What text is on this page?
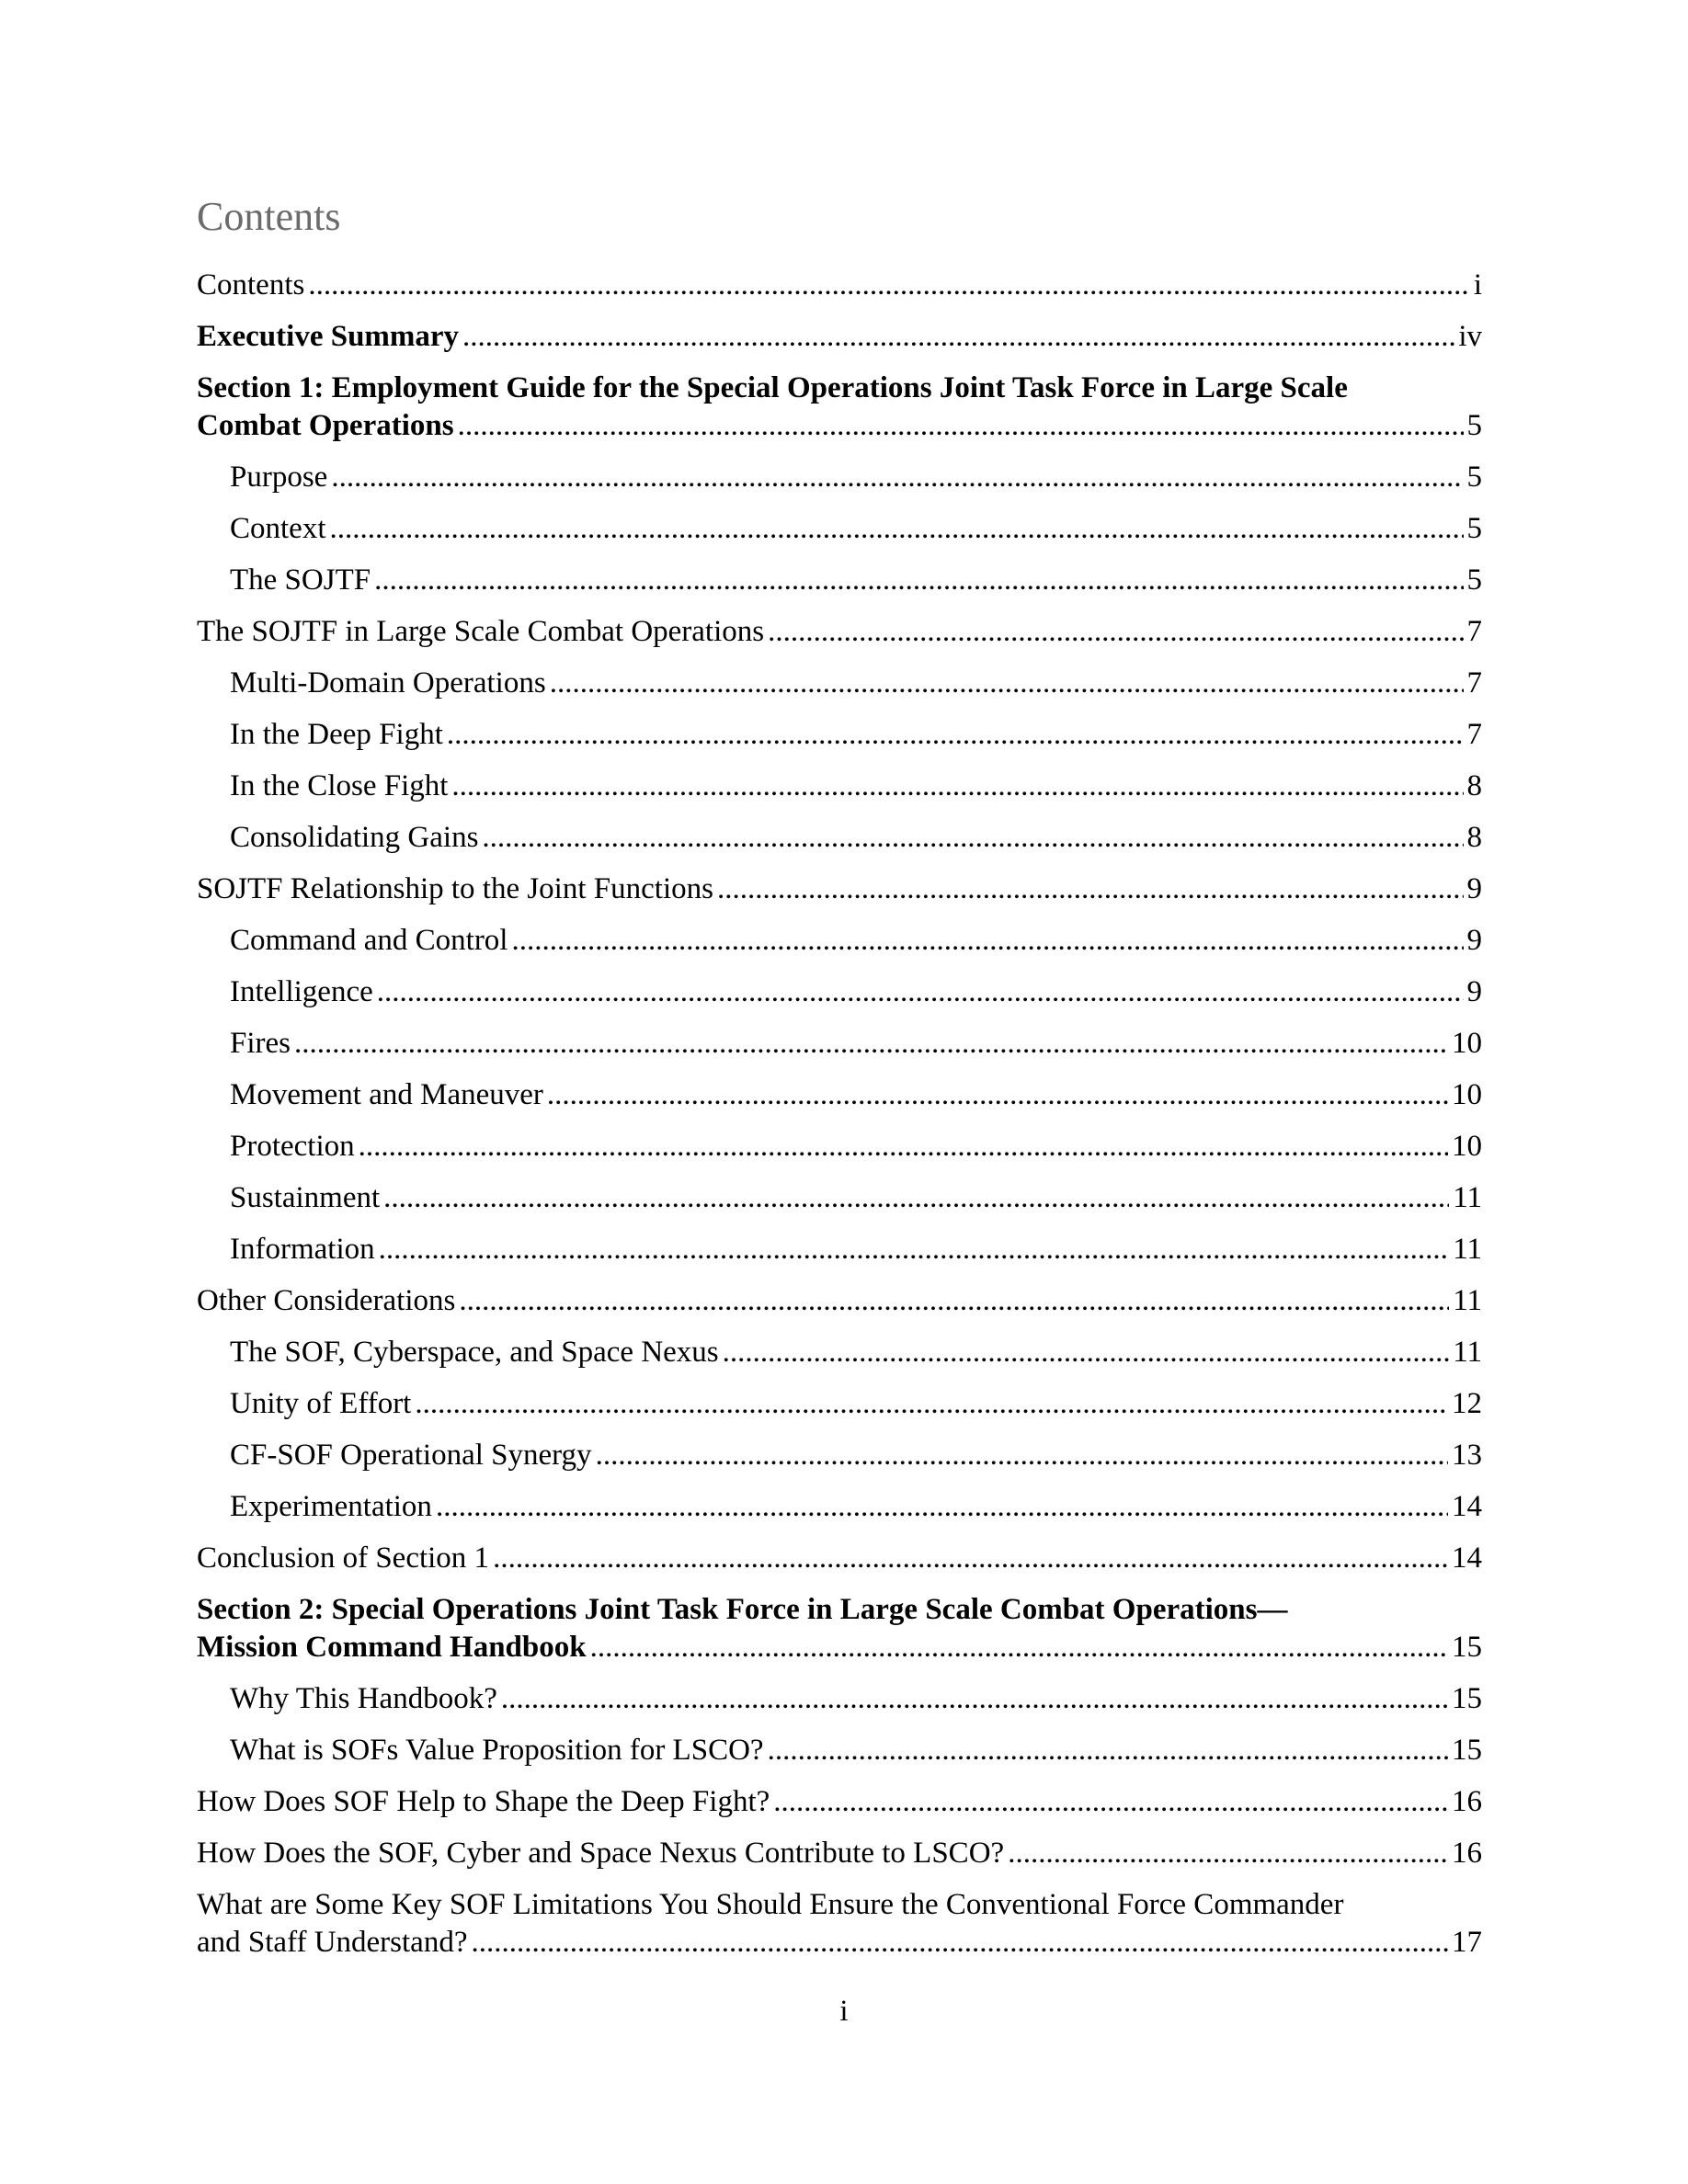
Contents
Contents .....	i
Executive Summary .....	iv
Section 1: Employment Guide for the Special Operations Joint Task Force in Large Scale
Combat Operations .....	5
Purpose .....	5
Context .....	5
The SOJTF .....	5
The SOJTF in Large Scale Combat Operations .....	7
Multi-Domain Operations .....	7
In the Deep Fight .....	7
In the Close Fight .....	8
Consolidating Gains .....	8
SOJTF Relationship to the Joint Functions .....	9
Command and Control .....	9
Intelligence .....	9
Fires .....	10
Movement and Maneuver .....	10
Protection .....	10
Sustainment .....	11
Information .....	11
Other Considerations .....	11
The SOF, Cyberspace, and Space Nexus .....	11
Unity of Effort .....	12
CF-SOF Operational Synergy .....	13
Experimentation .....	14
Conclusion of Section 1 .....	14
Section 2: Special Operations Joint Task Force in Large Scale Combat Operations—
Mission Command Handbook .....	15
Why This Handbook? .....	15
What is SOFs Value Proposition for LSCO? .....	15
How Does SOF Help to Shape the Deep Fight? .....	16
How Does the SOF, Cyber and Space Nexus Contribute to LSCO? .....	16
What are Some Key SOF Limitations You Should Ensure the Conventional Force Commander
and Staff Understand? .....	17
i
